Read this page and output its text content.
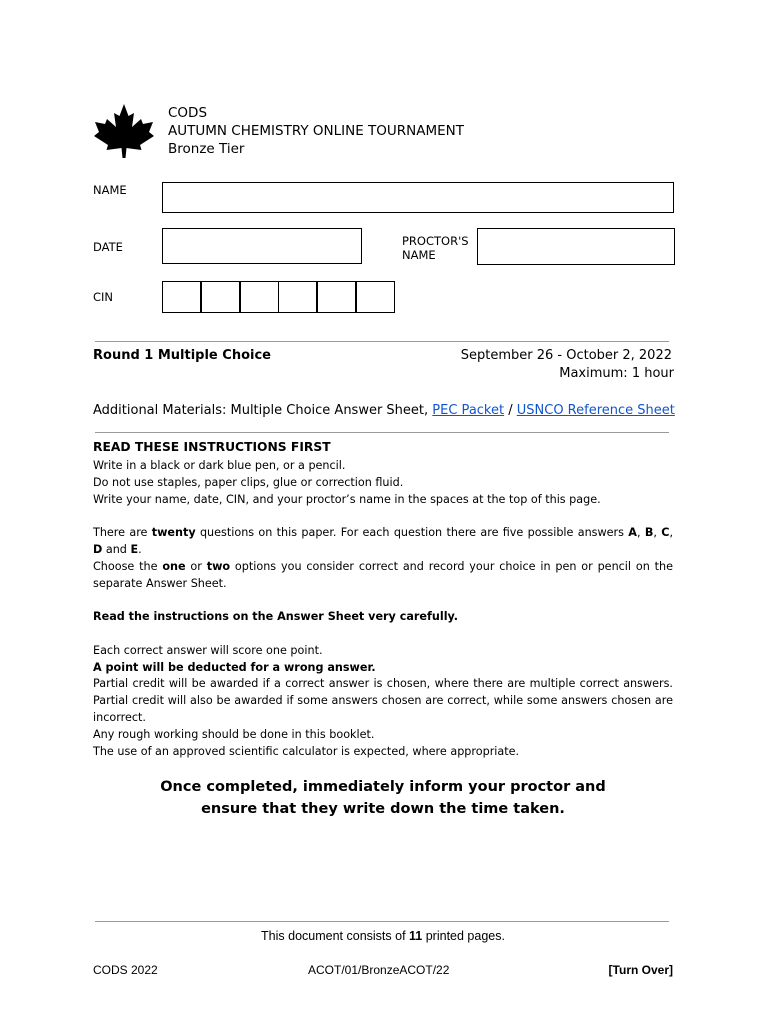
CODS
AUTUMN CHEMISTRY ONLINE TOURNAMENT
Bronze Tier
NAME
DATE	PROCTOR'S
NAME
CIN
Round 1 Multiple Choice	September 26 - October 2, 2022
Maximum: 1 hour
Additional Materials: Multiple Choice Answer Sheet, PEC Packet / USNCO Reference Sheet
READ THESE INSTRUCTIONS FIRST

Write in a black or dark blue pen, or a pencil.

Do not use staples, paper clips, glue or correction fluid.

Write your name, date, CIN, and your proctor’s name in the spaces at the top of this page.

There are twenty questions on this paper. For each question there are five possible answers A, B, C, D and E.

Choose the one or two options you consider correct and record your choice in pen or pencil on the separate Answer Sheet.

Read the instructions on the Answer Sheet very carefully.

Each correct answer will score one point.

A point will be deducted for a wrong answer.

Partial credit will be awarded if a correct answer is chosen, where there are multiple correct answers. Partial credit will also be awarded if some answers chosen are correct, while some answers chosen are incorrect.

Any rough working should be done in this booklet.

The use of an approved scientific calculator is expected, where appropriate.

Once completed, immediately inform your proctor and
ensure that they write down the time taken.
This document consists of 11 printed pages.
CODS 2022	ACOT/01/BronzeACOT/22	[Turn Over]
